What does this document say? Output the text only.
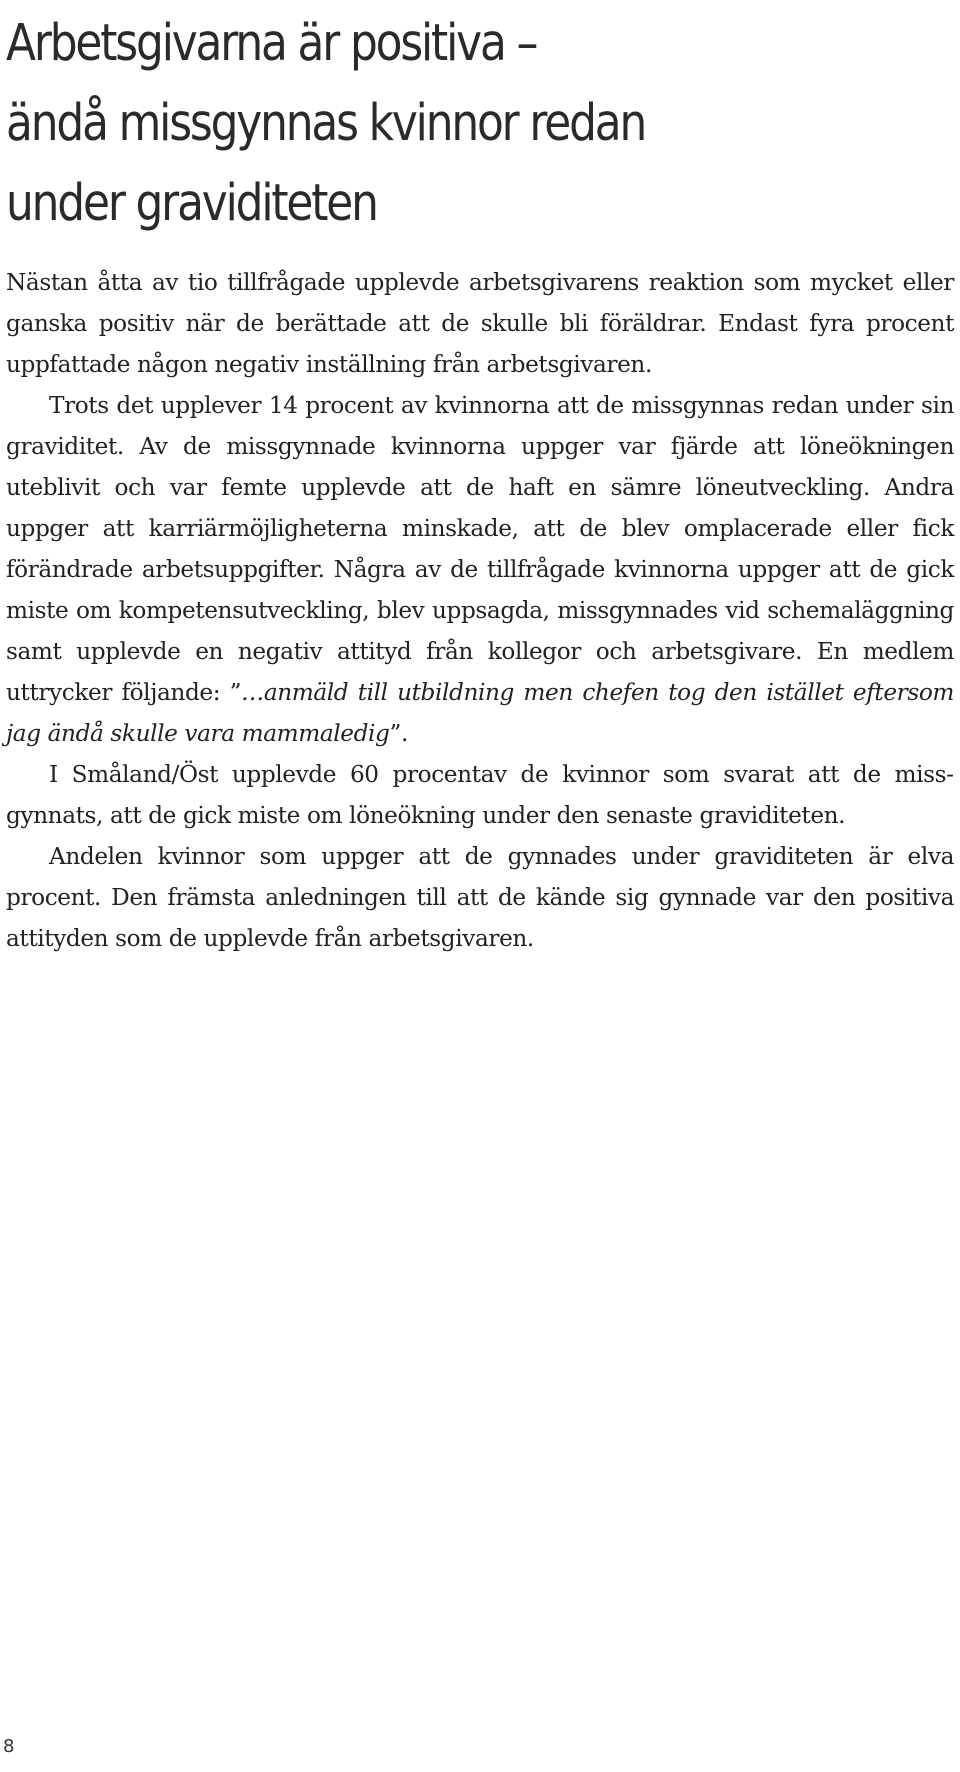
Arbetsgivarna är positiva –
ändå missgynnas kvinnor redan
under graviditeten

Nästan åtta av tio tillfrågade upplevde arbetsgivarens reaktion som mycket eller ganska positiv när de berättade att de skulle bli föräldrar. Endast fyra procent uppfattade någon negativ inställning från arbetsgivaren.

Trots det upplever 14 procent av kvinnorna att de missgynnas redan under sin graviditet. Av de missgynnade kvinnorna uppger var fjärde att löneökningen uteblivit och var femte upplevde att de haft en sämre löneutveckling. Andra uppger att karriärmöjligheterna minskade, att de blev omplacerade eller fick förändrade arbetsuppgifter. Några av de tillfrågade kvinnorna uppger att de gick miste om kompetensutveckling, blev uppsagda, missgynnades vid schemaläggning samt upplevde en negativ attityd från kollegor och arbetsgivare. En medlem uttrycker följande: ”…anmäld till utbildning men chefen tog den istället eftersom jag ändå skulle vara mammaledig”.

I Småland/Öst upplevde 60 procentav de kvinnor som svarat att de missgynnats, att de gick miste om löneökning under den senaste graviditeten.

Andelen kvinnor som uppger att de gynnades under graviditeten är elva procent. Den främsta anledningen till att de kände sig gynnade var den positiva attityden som de upplevde från arbetsgivaren.

8
